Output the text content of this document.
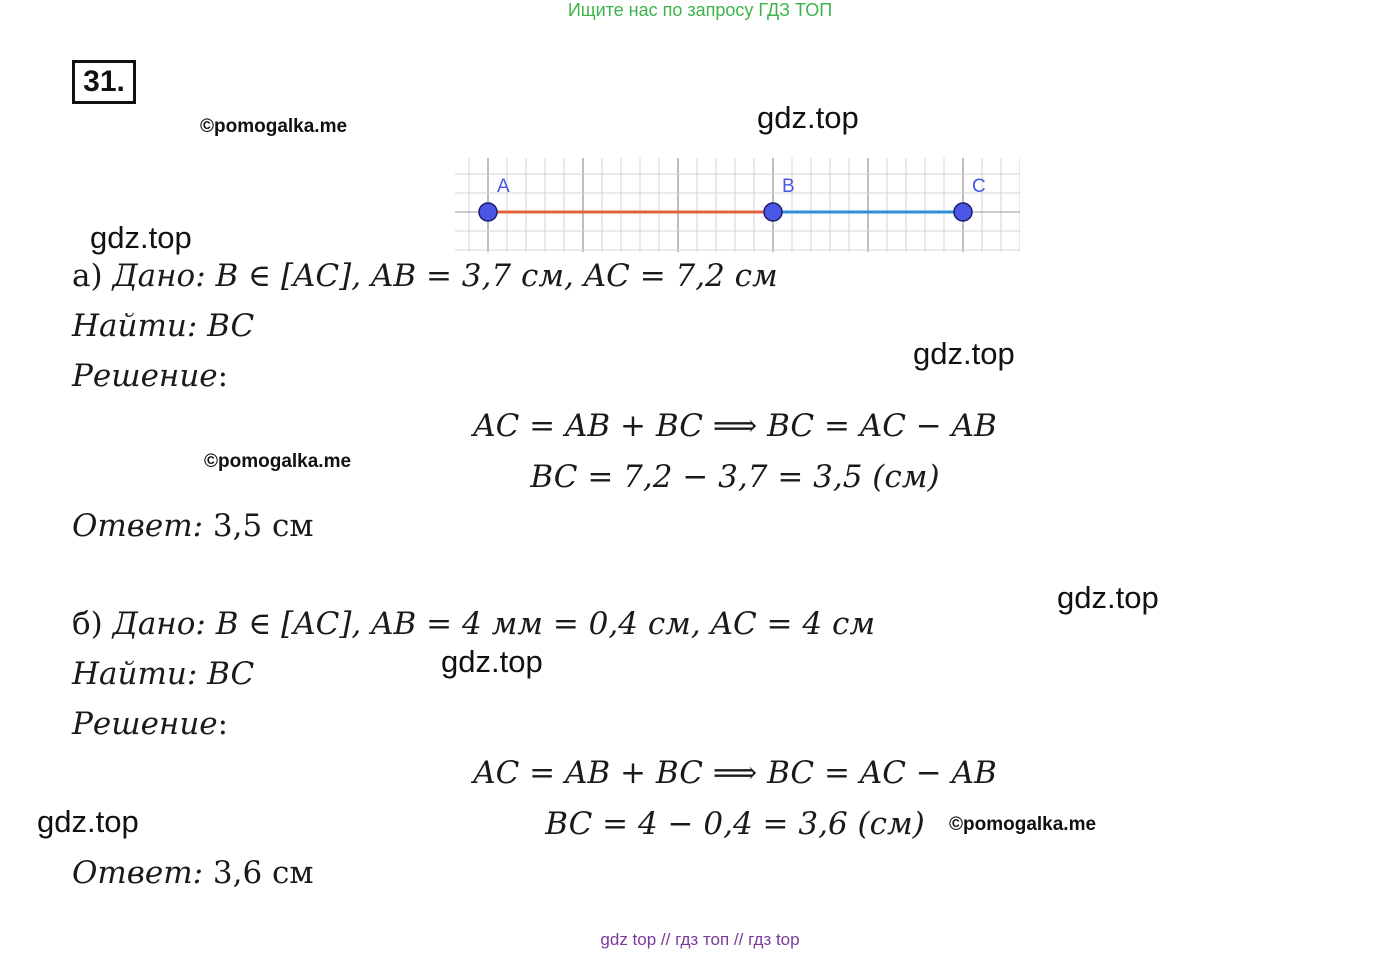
Ищите нас по запросу ГДЗ ТОП
31.
©pomogalka.me	gdz.top
A	B	C
gdz.top
а) Дано: B ∈ [AC], AB = 3,7 см, AC = 7,2 см
Найти: BC
gdz.top
Решение:
AC = AB + BC ⟹ BC = AC − AB
©pomogalka.me	BC = 7,2 − 3,7 = 3,5 (см)
Ответ: 3,5 см
gdz.top
б) Дано: B ∈ [AC], AB = 4 мм = 0,4 см, AC = 4 см
gdz.top
Найти: BC
Решение:
AC = AB + BC ⟹ BC = AC − AB
gdz.top	BC = 4 − 0,4 = 3,6 (см)	©pomogalka.me
Ответ: 3,6 см
gdz top // гдз топ // гдз top
